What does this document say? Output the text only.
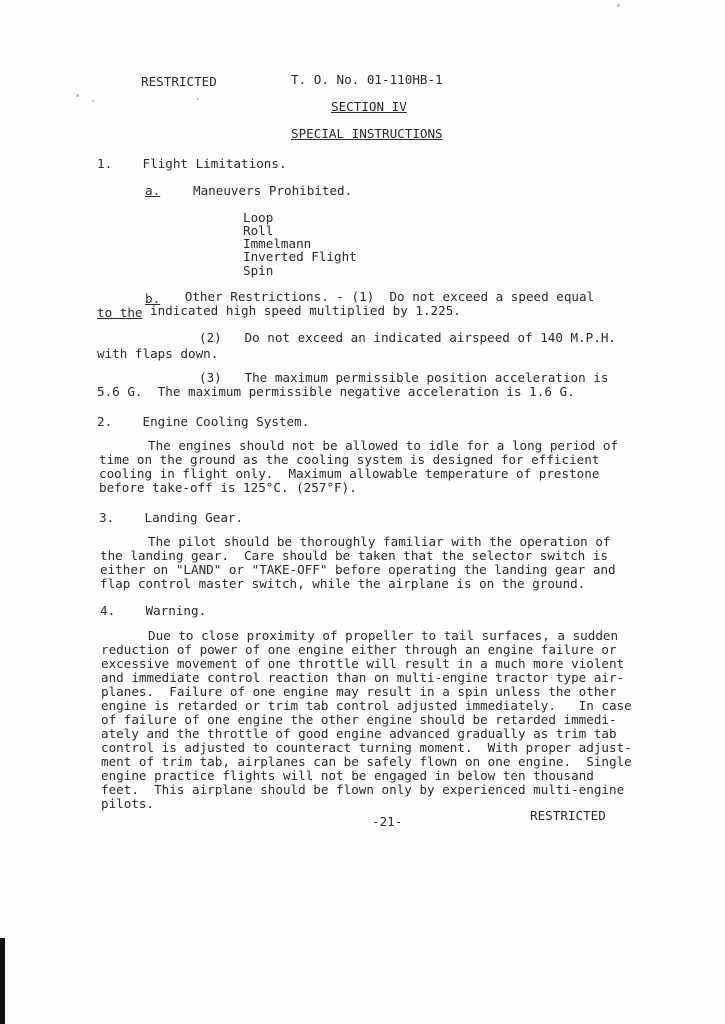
RESTRICTED	T. O. No. 01-110HB-1
SECTION IV
SPECIAL INSTRUCTIONS
1.    Flight Limitations.
a.	Maneuvers Prohibited.
Loop
Roll
Immelmann
Inverted Flight
Spin
b. Other Restrictions. - (1)  Do not exceed a speed equal
to the indicated high speed multiplied by 1.225.
(2)   Do not exceed an indicated airspeed of 140 M.P.H.
with flaps down.
(3)   The maximum permissible position acceleration is
5.6 G.  The maximum permissible negative acceleration is 1.6 G.
2.    Engine Cooling System.
The engines should not be allowed to idle for a long period of
time on the ground as the cooling system is designed for efficient
cooling in flight only.  Maximum allowable temperature of prestone
before take-off is 125°C. (257°F).
3.    Landing Gear.
The pilot should be thoroughly familiar with the operation of
the landing gear.  Care should be taken that the selector switch is
either on "LAND" or "TAKE-OFF" before operating the landing gear and
flap control master switch, while the airplane is on the ground.
4.    Warning.
Due to close proximity of propeller to tail surfaces, a sudden
reduction of power of one engine either through an engine failure or
excessive movement of one throttle will result in a much more violent
and immediate control reaction than on multi-engine tractor type air-
planes.  Failure of one engine may result in a spin unless the other
engine is retarded or trim tab control adjusted immediately.   In case
of failure of one engine the other engine should be retarded immedi-
ately and the throttle of good engine advanced gradually as trim tab
control is adjusted to counteract turning moment.  With proper adjust-
ment of trim tab, airplanes can be safely flown on one engine.  Single
engine practice flights will not be engaged in below ten thousand
feet.  This airplane should be flown only by experienced multi-engine
pilots.
-21-	RESTRICTED
